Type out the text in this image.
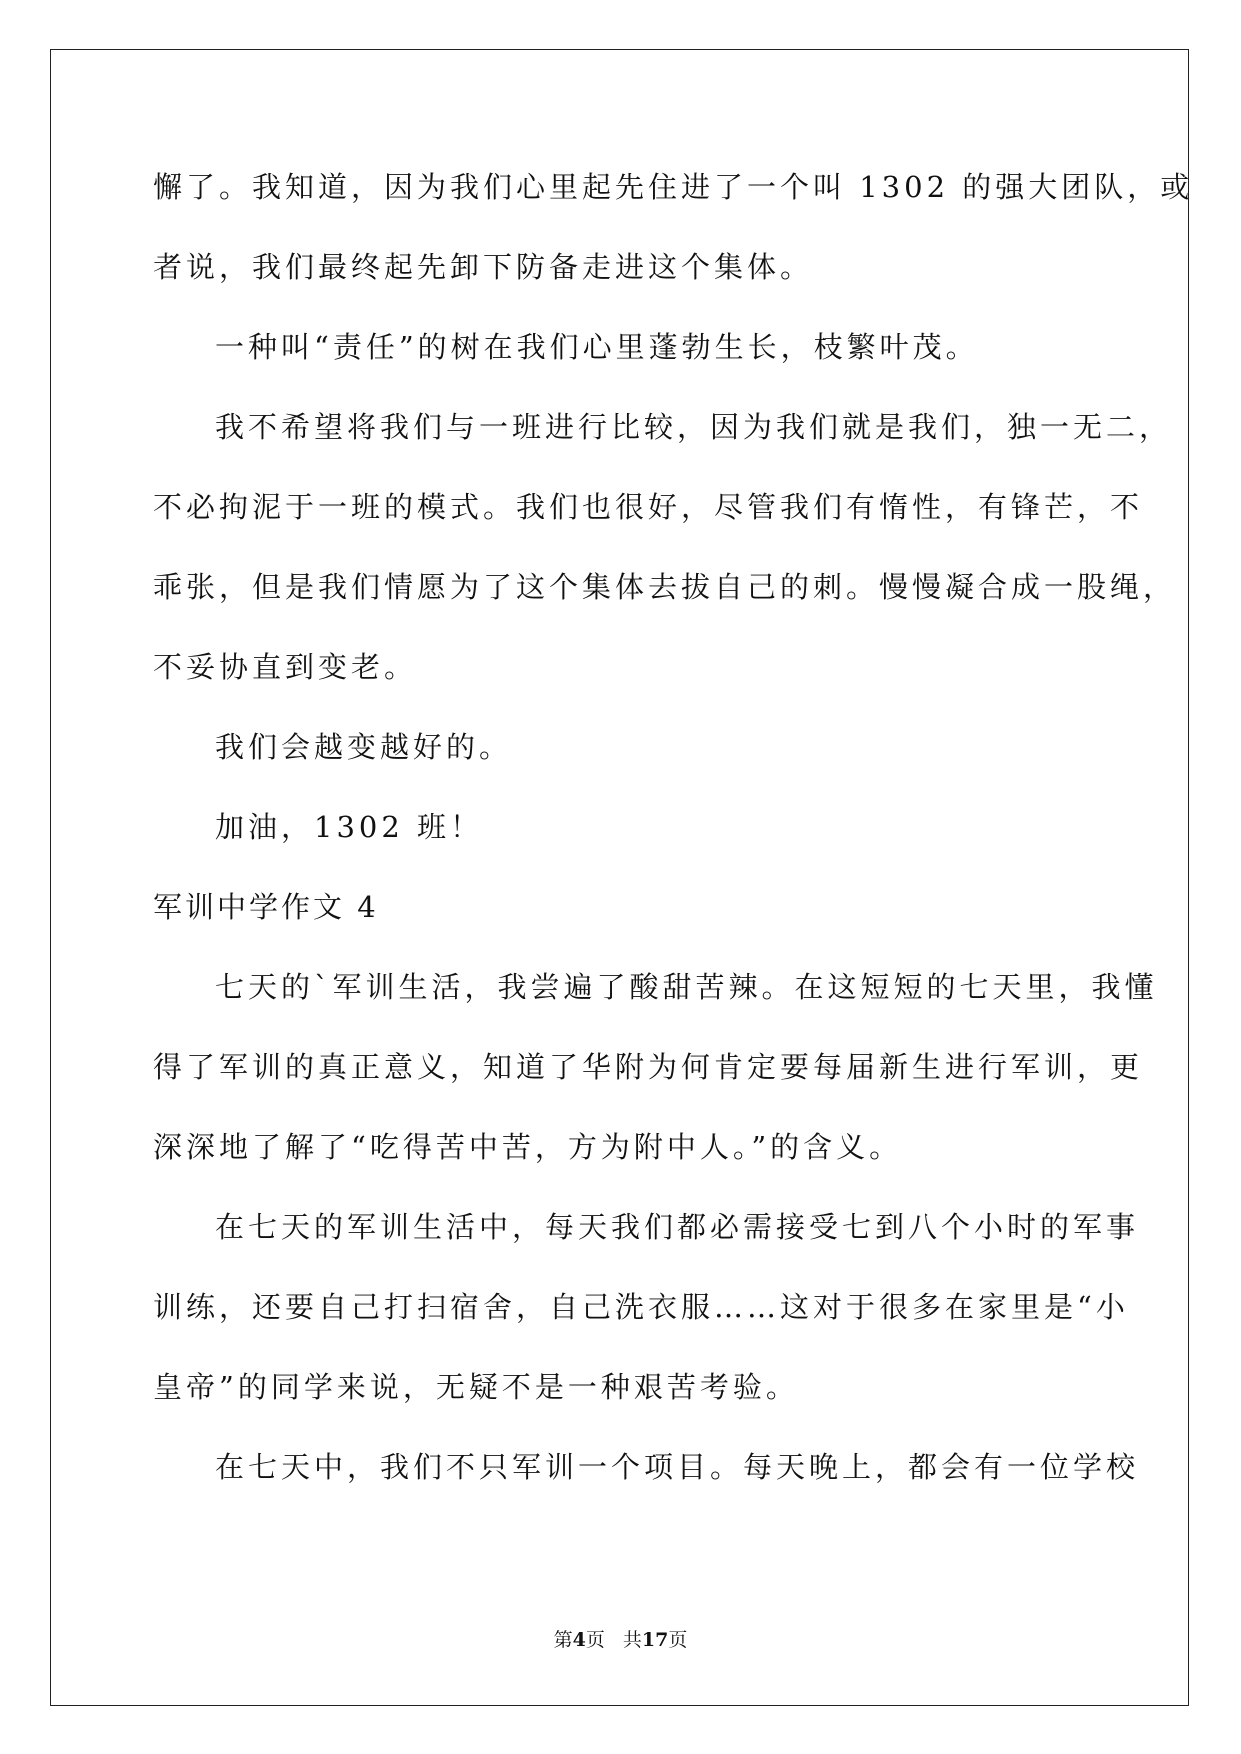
懈了。我知道，因为我们心里起先住进了一个叫 1302 的强大团队，或
者说，我们最终起先卸下防备走进这个集体。
一种叫“责任”的树在我们心里蓬勃生长，枝繁叶茂。
我不希望将我们与一班进行比较，因为我们就是我们，独一无二，
不必拘泥于一班的模式。我们也很好，尽管我们有惰性，有锋芒，不
乖张，但是我们情愿为了这个集体去拔自己的刺。慢慢凝合成一股绳，
不妥协直到变老。
我们会越变越好的。
加油，1302 班！
军训中学作文 4
七天的`军训生活，我尝遍了酸甜苦辣。在这短短的七天里，我懂
得了军训的真正意义，知道了华附为何肯定要每届新生进行军训，更
深深地了解了“吃得苦中苦，方为附中人。”的含义。
在七天的军训生活中，每天我们都必需接受七到八个小时的军事
训练，还要自己打扫宿舍，自己洗衣服……这对于很多在家里是“小
皇帝”的同学来说，无疑不是一种艰苦考验。
在七天中，我们不只军训一个项目。每天晚上，都会有一位学校
第4页 共17页
